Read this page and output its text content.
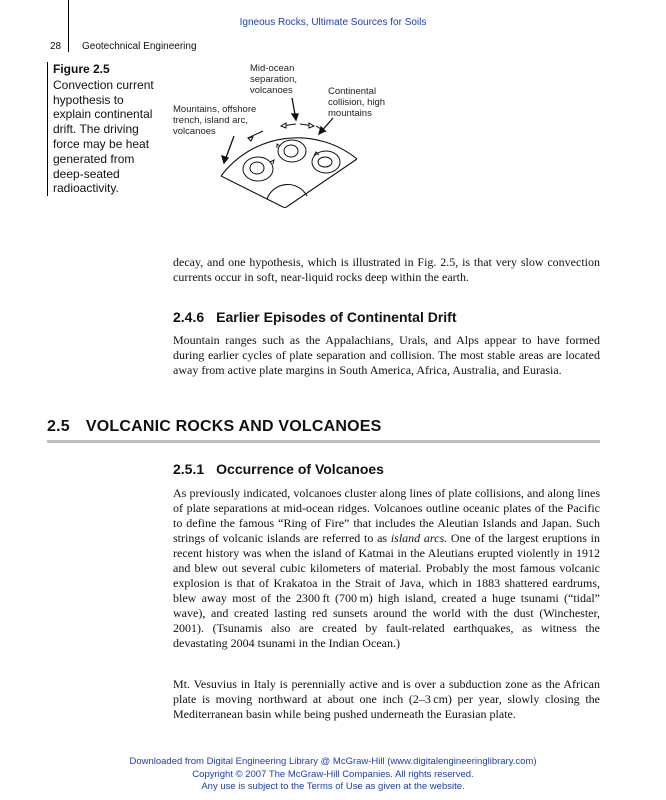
Igneous Rocks, Ultimate Sources for Soils
28 Geotechnical Engineering
Figure 2.5
Convection current hypothesis to explain continental drift. The driving force may be heat generated from deep-seated radioactivity.
Mid-ocean
separation,
volcanoes	Continental
collision, high
mountains
Mountains, offshore
trench, island arc,
volcanoes

decay, and one hypothesis, which is illustrated in Fig. 2.5, is that very slow convection currents occur in soft, near-liquid rocks deep within the earth.

2.4.6 Earlier Episodes of Continental Drift

Mountain ranges such as the Appalachians, Urals, and Alps appear to have formed during earlier cycles of plate separation and collision. The most stable areas are located away from active plate margins in South America, Africa, Australia, and Eurasia.

2.5 VOLCANIC ROCKS AND VOLCANOES
2.5.1 Occurrence of Volcanoes

As previously indicated, volcanoes cluster along lines of plate collisions, and along lines of plate separations at mid-ocean ridges. Volcanoes outline oceanic plates of the Pacific to define the famous “Ring of Fire” that includes the Aleutian Islands and Japan. Such strings of volcanic islands are referred to as island arcs. One of the largest eruptions in recent history was when the island of Katmai in the Aleutians erupted violently in 1912 and blew out several cubic kilometers of material. Probably the most famous volcanic explosion is that of Krakatoa in the Strait of Java, which in 1883 shattered eardrums, blew away most of the 2300 ft (700 m) high island, created a huge tsunami (“tidal” wave), and created lasting red sunsets around the world with the dust (Winchester, 2001). (Tsunamis also are created by fault-related earthquakes, as witness the devastating 2004 tsunami in the Indian Ocean.)

Mt. Vesuvius in Italy is perennially active and is over a subduction zone as the African plate is moving northward at about one inch (2–3 cm) per year, slowly closing the Mediterranean basin while being pushed underneath the Eurasian plate.

Downloaded from Digital Engineering Library @ McGraw-Hill (www.digitalengineeringlibrary.com)
Copyright © 2007 The McGraw-Hill Companies. All rights reserved.
Any use is subject to the Terms of Use as given at the website.
